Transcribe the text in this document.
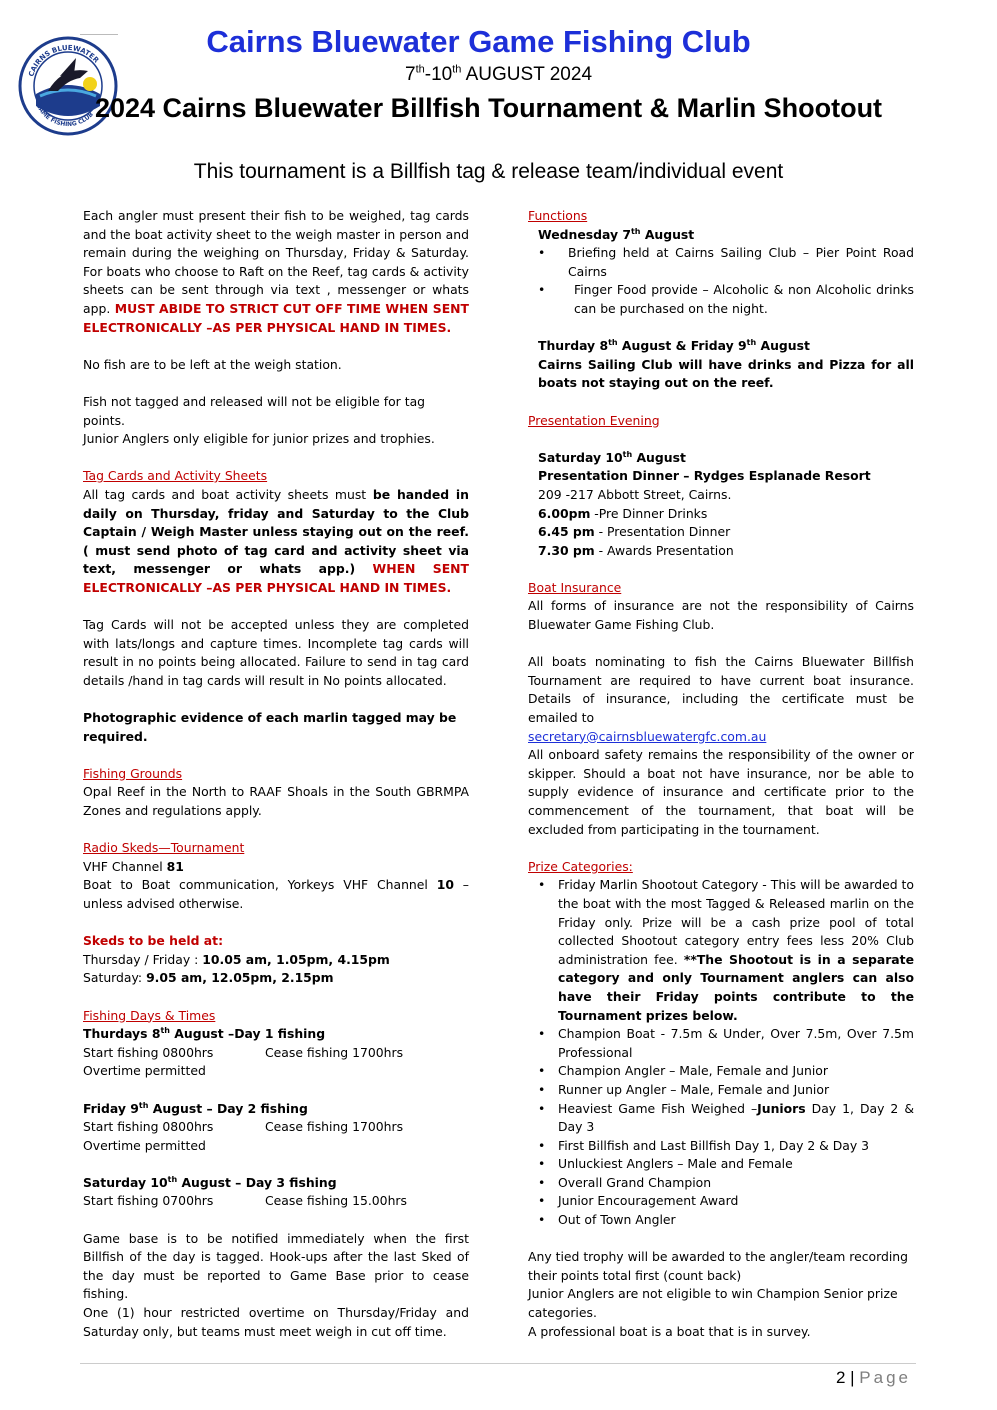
CAIRNS BLUEWATER
GAME FISHING CLUB
Cairns Bluewater Game Fishing Club
7th-10th AUGUST 2024
2024 Cairns Bluewater Billfish Tournament & Marlin Shootout
This tournament is a Billfish tag & release team/individual event

Each angler must present their fish to be weighed, tag cards and the boat activity sheet to the weigh master in person and remain during the weighing on Thursday, Friday & Saturday. For boats who choose to Raft on the Reef, tag cards & activity sheets can be sent through via text , messenger or whats app. MUST ABIDE TO STRICT CUT OFF TIME WHEN SENT ELECTRONICALLY –AS PER PHYSICAL HAND IN TIMES.

No fish are to be left at the weigh station.

Fish not tagged and released will not be eligible for tag points.

Junior Anglers only eligible for junior prizes and trophies.

Tag Cards and Activity Sheets

All tag cards and boat activity sheets must be handed in daily on Thursday, friday and Saturday to the Club Captain / Weigh Master unless staying out on the reef. ( must send photo of tag card and activity sheet via text, messenger or whats app.) WHEN SENT ELECTRONICALLY –AS PER PHYSICAL HAND IN TIMES.

Tag Cards will not be accepted unless they are completed with lats/longs and capture times. Incomplete tag cards will result in no points being allocated. Failure to send in tag card details /hand in tag cards will result in No points allocated.

Photographic evidence of each marlin tagged may be required.

Fishing Grounds

Opal Reef in the North to RAAF Shoals in the South GBRMPA Zones and regulations apply.

Radio Skeds—Tournament

VHF Channel 81

Boat to Boat communication, Yorkeys VHF Channel 10 – unless advised otherwise.

Skeds to be held at:

Thursday / Friday : 10.05 am, 1.05pm, 4.15pm

Saturday: 9.05 am, 12.05pm, 2.15pm

Fishing Days & Times

Thurdays 8th August –Day 1 fishing

Start fishing 0800hrs	Cease fishing 1700hrs

Overtime permitted

Friday 9th August – Day 2 fishing

Start fishing 0800hrs	Cease fishing 1700hrs

Overtime permitted

Saturday 10th August – Day 3 fishing

Start fishing 0700hrs	Cease fishing 15.00hrs

Game base is to be notified immediately when the first Billfish of the day is tagged. Hook-ups after the last Sked of the day must be reported to Game Base prior to cease fishing.

One (1) hour restricted overtime on Thursday/Friday and Saturday only, but teams must meet weigh in cut off time.

Functions

Wednesday 7th August

• Briefing held at Cairns Sailing Club – Pier Point Road Cairns
• Finger Food provide – Alcoholic & non Alcoholic drinks can be purchased on the night.

Thurday 8th August & Friday 9th August

Cairns Sailing Club will have drinks and Pizza for all boats not staying out on the reef.

Presentation Evening

Saturday 10th August

Presentation Dinner – Rydges Esplanade Resort

209 -217 Abbott Street, Cairns.

6.00pm -Pre Dinner Drinks

6.45 pm - Presentation Dinner

7.30 pm - Awards Presentation

Boat Insurance

All forms of insurance are not the responsibility of Cairns Bluewater Game Fishing Club.

All boats nominating to fish the Cairns Bluewater Billfish Tournament are required to have current boat insurance. Details of insurance, including the certificate must be emailed to

secretary@cairnsbluewatergfc.com.au

All onboard safety remains the responsibility of the owner or skipper. Should a boat not have insurance, nor be able to supply evidence of insurance and certificate prior to the commencement of the tournament, that boat will be excluded from participating in the tournament.

Prize Categories:

• Friday Marlin Shootout Category - This will be awarded to the boat with the most Tagged & Released marlin on the Friday only. Prize will be a cash prize pool of total collected Shootout category entry fees less 20% Club administration fee. **The Shootout is in a separate category and only Tournament anglers can also have their Friday points contribute to the Tournament prizes below.
• Champion Boat - 7.5m & Under, Over 7.5m, Over 7.5m Professional
• Champion Angler – Male, Female and Junior
• Runner up Angler – Male, Female and Junior
• Heaviest Game Fish Weighed –Juniors Day 1, Day 2 & Day 3
• First Billfish and Last Billfish Day 1, Day 2 & Day 3
• Unluckiest Anglers – Male and Female
• Overall Grand Champion
• Junior Encouragement Award
• Out of Town Angler

Any tied trophy will be awarded to the angler/team recording their points total first (count back)

Junior Anglers are not eligible to win Champion Senior prize categories.

A professional boat is a boat that is in survey.

2 | Page
